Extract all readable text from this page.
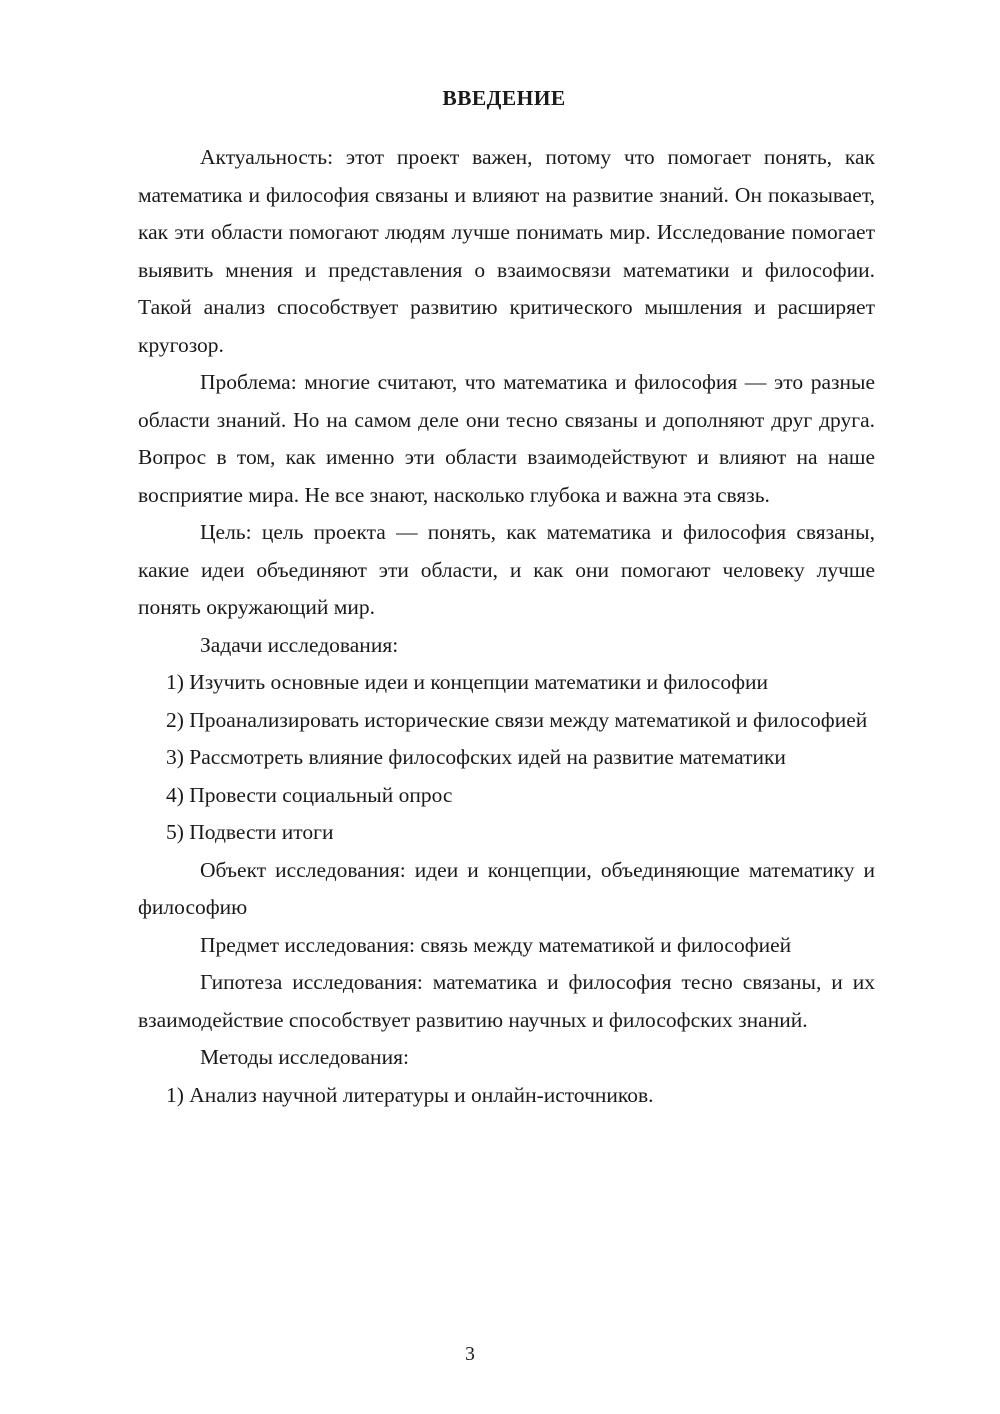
ВВЕДЕНИЕ

Актуальность: этот проект важен, потому что помогает понять, как математика и философия связаны и влияют на развитие знаний. Он показывает, как эти области помогают людям лучше понимать мир. Исследование помогает выявить мнения и представления о взаимосвязи математики и философии. Такой анализ способствует развитию критического мышления и расширяет кругозор.

Проблема: многие считают, что математика и философия — это разные области знаний. Но на самом деле они тесно связаны и дополняют друг друга. Вопрос в том, как именно эти области взаимодействуют и влияют на наше восприятие мира. Не все знают, насколько глубока и важна эта связь.

Цель: цель проекта — понять, как математика и философия связаны, какие идеи объединяют эти области, и как они помогают человеку лучше понять окружающий мир.

Задачи исследования:

1) Изучить основные идеи и концепции математики и философии

2) Проанализировать исторические связи между математикой и философией

3) Рассмотреть влияние философских идей на развитие математики

4) Провести социальный опрос

5) Подвести итоги

Объект исследования: идеи и концепции, объединяющие математику и философию

Предмет исследования: связь между математикой и философией

Гипотеза исследования: математика и философия тесно связаны, и их взаимодействие способствует развитию научных и философских знаний.

Методы исследования:

1) Анализ научной литературы и онлайн-источников.

3
